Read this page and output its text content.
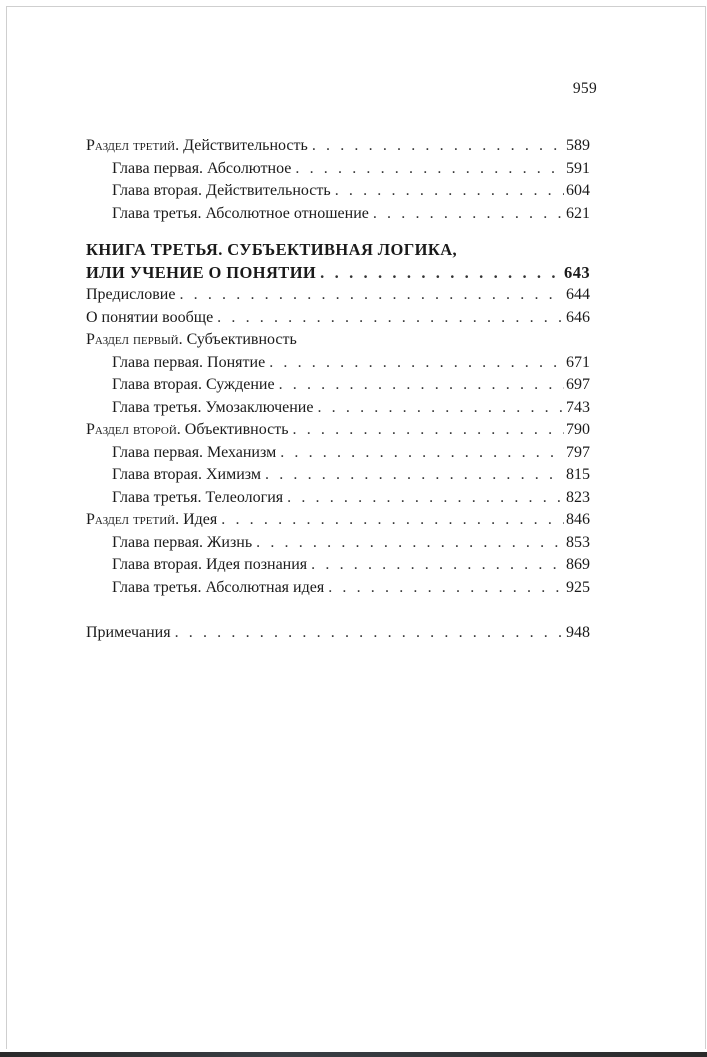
959
Раздел третий. Действительность . . .	589
Глава первая. Абсолютное . . .	591
Глава вторая. Действительность . . .	604
Глава третья. Абсолютное отношение . . .	621
КНИГА ТРЕТЬЯ. СУБЪЕКТИВНАЯ ЛОГИКА,
ИЛИ УЧЕНИЕ О ПОНЯТИИ . . .	643
Предисловие . . .	644
О понятии вообще . . .	646
Раздел первый. Субъективность
Глава первая. Понятие . . .	671
Глава вторая. Суждение . . .	697
Глава третья. Умозаключение . . .	743
Раздел второй. Объективность . . .	790
Глава первая. Механизм . . .	797
Глава вторая. Химизм . . .	815
Глава третья. Телеология . . .	823
Раздел третий. Идея . . .	846
Глава первая. Жизнь . . .	853
Глава вторая. Идея познания . . .	869
Глава третья. Абсолютная идея . . .	925
Примечания . . .	948
